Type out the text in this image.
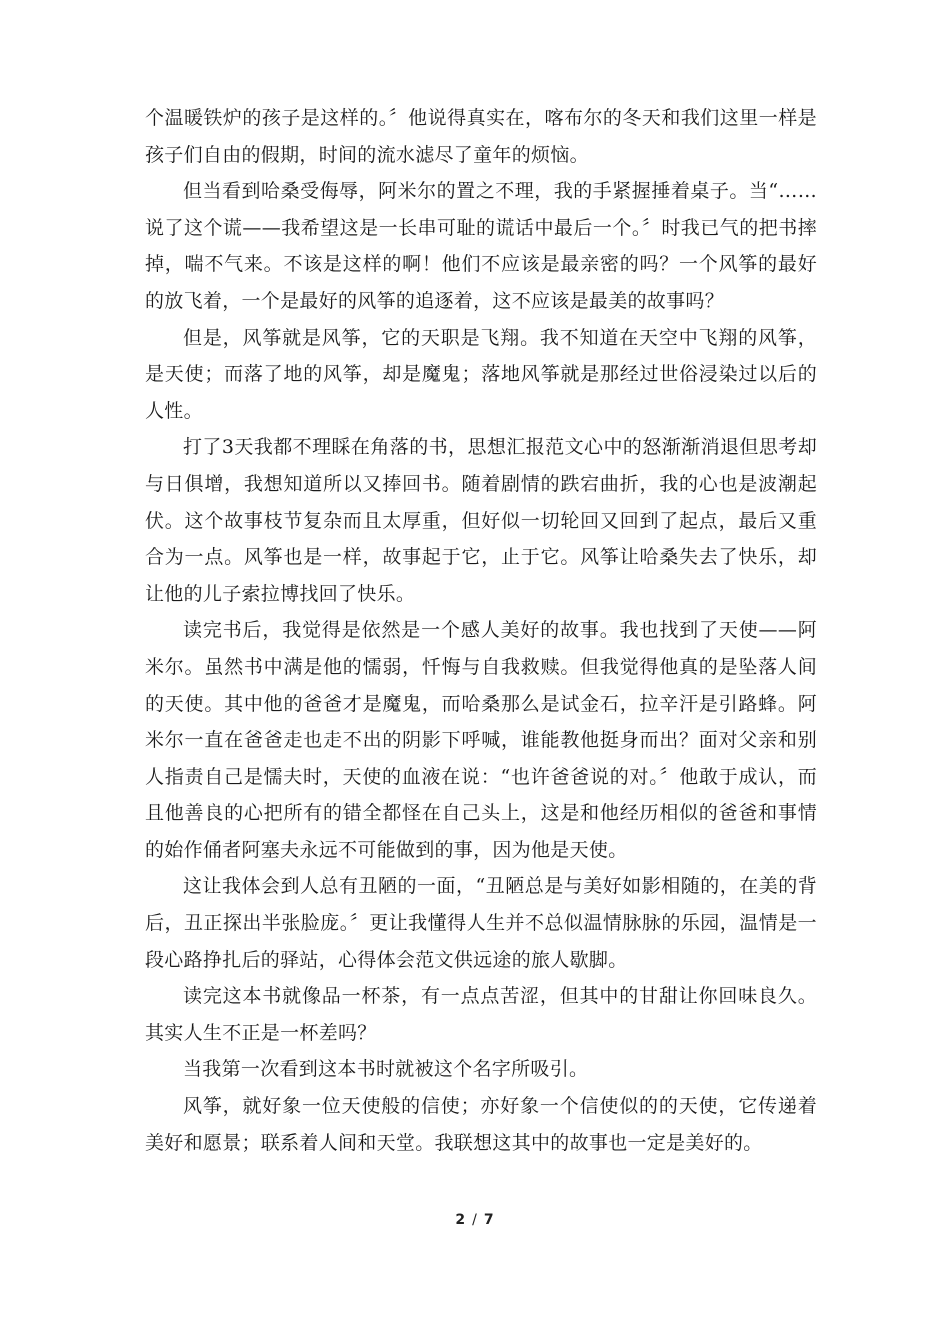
个温暖铁炉的孩子是这样的。〞他说得真实在，喀布尔的冬天和我们这里一样是孩子们自由的假期，时间的流水滤尽了童年的烦恼。

但当看到哈桑受侮辱，阿米尔的置之不理，我的手紧握捶着桌子。当“……说了这个谎——我希望这是一长串可耻的谎话中最后一个。〞时我已气的把书摔掉，喘不气来。不该是这样的啊！他们不应该是最亲密的吗？一个风筝的最好的放飞着，一个是最好的风筝的追逐着，这不应该是最美的故事吗？

但是，风筝就是风筝，它的天职是飞翔。我不知道在天空中飞翔的风筝，是天使；而落了地的风筝，却是魔鬼；落地风筝就是那经过世俗浸染过以后的人性。

打了3天我都不理睬在角落的书，思想汇报范文心中的怒渐渐消退但思考却与日俱增，我想知道所以又捧回书。随着剧情的跌宕曲折，我的心也是波潮起伏。这个故事枝节复杂而且太厚重，但好似一切轮回又回到了起点，最后又重合为一点。风筝也是一样，故事起于它，止于它。风筝让哈桑失去了快乐，却让他的儿子索拉博找回了快乐。

读完书后，我觉得是依然是一个感人美好的故事。我也找到了天使——阿米尔。虽然书中满是他的懦弱，忏悔与自我救赎。但我觉得他真的是坠落人间的天使。其中他的爸爸才是魔鬼，而哈桑那么是试金石，拉辛汗是引路蜂。阿米尔一直在爸爸走也走不出的阴影下呼喊，谁能教他挺身而出？面对父亲和别人指责自己是懦夫时，天使的血液在说：“也许爸爸说的对。〞他敢于成认，而且他善良的心把所有的错全都怪在自己头上，这是和他经历相似的爸爸和事情的始作俑者阿塞夫永远不可能做到的事，因为他是天使。

这让我体会到人总有丑陋的一面，“丑陋总是与美好如影相随的，在美的背后，丑正探出半张脸庞。〞更让我懂得人生并不总似温情脉脉的乐园，温情是一段心路挣扎后的驿站，心得体会范文供远途的旅人歇脚。

读完这本书就像品一杯茶，有一点点苦涩，但其中的甘甜让你回味良久。其实人生不正是一杯差吗？

当我第一次看到这本书时就被这个名字所吸引。

风筝，就好象一位天使般的信使；亦好象一个信使似的的天使，它传递着美好和愿景；联系着人间和天堂。我联想这其中的故事也一定是美好的。

2 / 7
